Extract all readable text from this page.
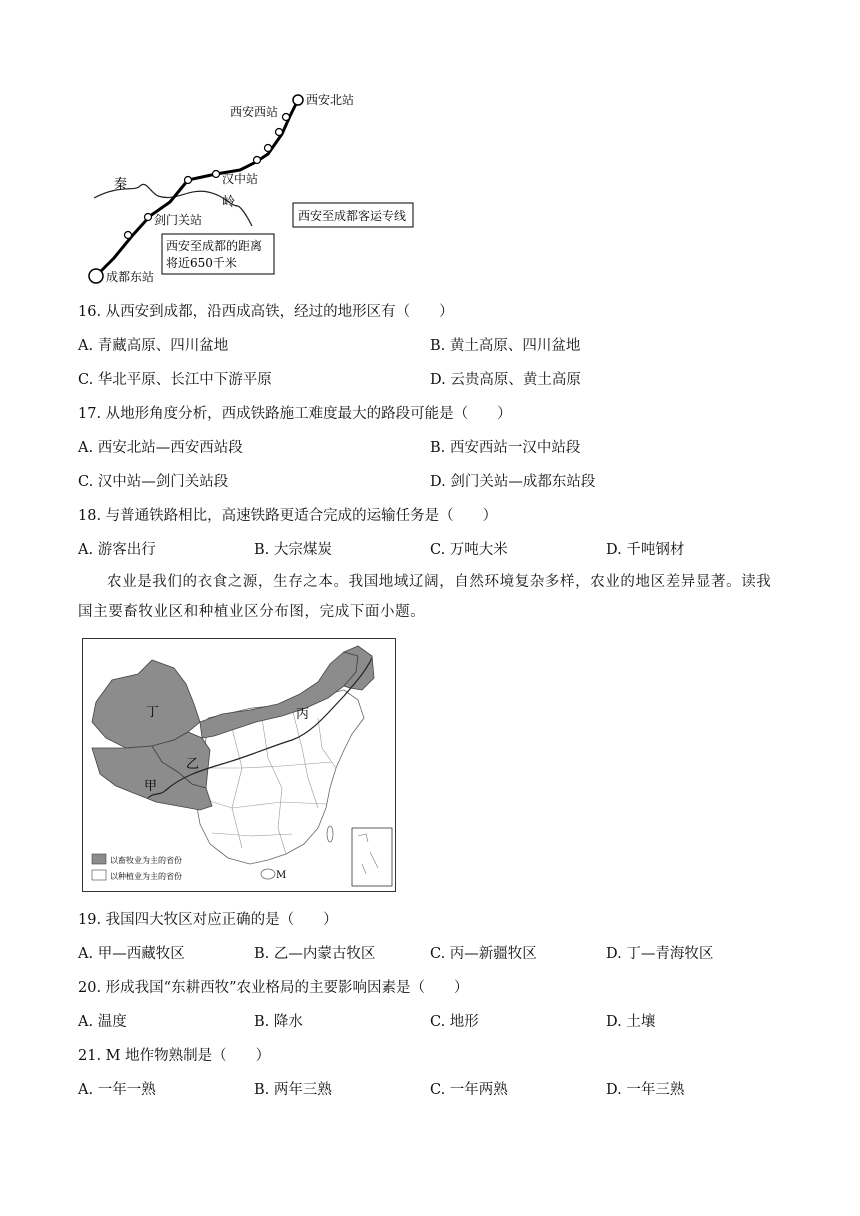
西安北站
西安西站
汉中站
剑门关站
成都东站
秦
岭
西安至成都客运专线
西安至成都的距离
将近650千米
16. 从西安到成都，沿西成高铁，经过的地形区有（　　）
A. 青藏高原、四川盆地	B. 黄土高原、四川盆地
C. 华北平原、长江中下游平原	D. 云贵高原、黄土高原
17. 从地形角度分析，西成铁路施工难度最大的路段可能是（　　）
A. 西安北站—西安西站段	B. 西安西站一汉中站段
C. 汉中站—剑门关站段	D. 剑门关站—成都东站段
18. 与普通铁路相比，高速铁路更适合完成的运输任务是（　　）
A. 游客出行	B. 大宗煤炭	C. 万吨大米	D. 千吨钢材
农业是我们的衣食之源，生存之本。我国地域辽阔，自然环境复杂多样，农业的地区差异显著。读我国主要畜牧业区和种植业区分布图，完成下面小题。
以畜牧业为主的省份
以种植业为主的省份
丁	丙
乙
甲
M
19. 我国四大牧区对应正确的是（　　）
A. 甲—西藏牧区	B. 乙—内蒙古牧区	C. 丙—新疆牧区	D. 丁—青海牧区
20. 形成我国“东耕西牧”农业格局的主要影响因素是（　　）
A. 温度	B. 降水	C. 地形	D. 土壤
21. M 地作物熟制是（　　）
A. 一年一熟	B. 两年三熟	C. 一年两熟	D. 一年三熟
